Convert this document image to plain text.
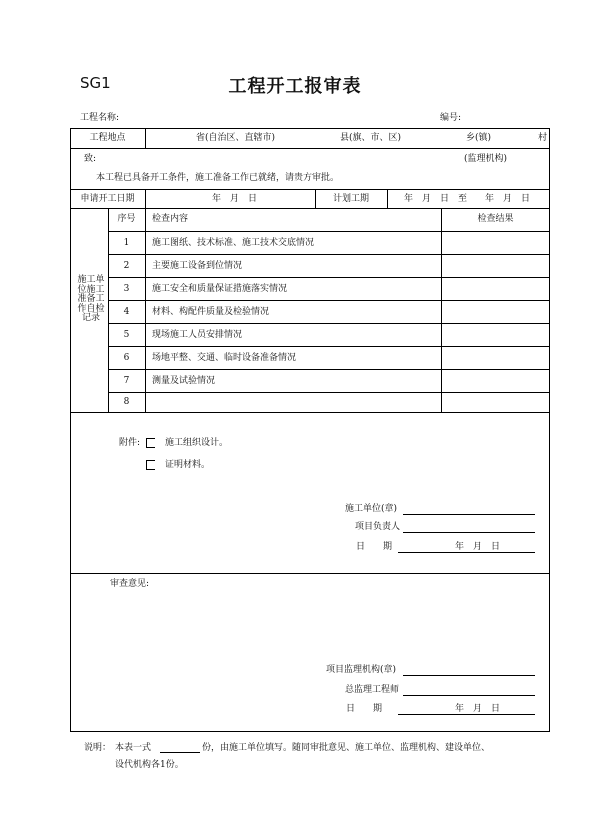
SG1	工程开工报审表
工程名称:	编号:
工程地点	省(自治区、直辖市)	县(旗、市、区)	乡(镇)	村
致:	(监理机构)
本工程已具备开工条件，施工准备工作已就绪，请贵方审批。
申请开工日期	年　月　日	计划工期	年　月　日　至　　年　月　日
施工单位施工准备工作自检记录
序号	检查内容	检查结果
1	施工图纸、技术标准、施工技术交底情况
2	主要施工设备到位情况
3	施工安全和质量保证措施落实情况
4	材料、构配件质量及检验情况
5	现场施工人员安排情况
6	场地平整、交通、临时设备准备情况
7	测量及试验情况
8
附件:	施工组织设计。
证明材料。
施工单位(章)
项目负责人
日　　期	年　月　日
审查意见:
项目监理机构(章)
总监理工程师
日　　期	年　月　日
说明： 本表一式	份，由施工单位填写。随同审批意见、施工单位、监理机构、建设单位、
设代机构各1份。
